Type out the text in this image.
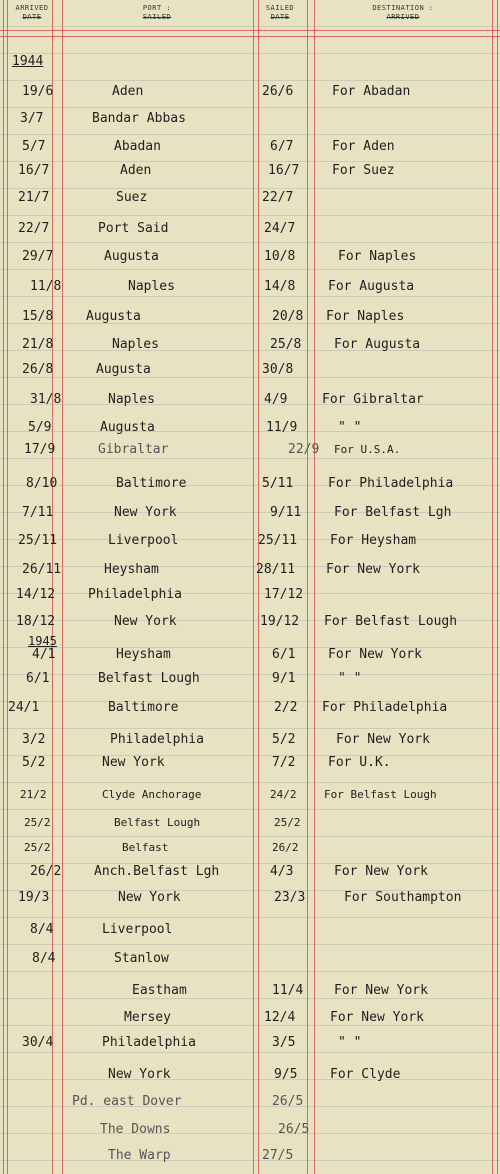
ARRIVED
DATE
PORT :
SAILED
SAILED
DATE
DESTINATION :
ARRIVED
1944
1945
19/6	Aden	26/6	For Abadan
3/7	Bandar Abbas
5/7	Abadan	6/7	For Aden
16/7	Aden	16/7	For Suez
21/7	Suez	22/7
22/7	Port Said	24/7
29/7	Augusta	10/8	For Naples
11/8	Naples	14/8	For Augusta
15/8	Augusta	20/8 For Naples
21/8	Naples	25/8	For Augusta
26/8	Augusta	30/8
31/8	Naples	4/9	For Gibraltar
5/9	Augusta	11/9	" "
17/9	Gibraltar	22/9 For U.S.A.
8/10	Baltimore	5/11	For Philadelphia
7/11	New York	9/11	For Belfast Lgh
25/11	Liverpool	25/11	For Heysham
26/11	Heysham	28/11 For New York
14/12	Philadelphia	17/12
18/12	New York	19/12 For Belfast Lough
4/1	Heysham	6/1	For New York
6/1	Belfast Lough	9/1	" "
24/1	Baltimore	2/2 For Philadelphia
3/2	Philadelphia	5/2	For New York
5/2	New York	7/2	For U.K.
21/2	Clyde Anchorage	24/2	For Belfast Lough
25/2	Belfast Lough	25/2
25/2	Belfast	26/2
26/2	Anch.Belfast Lgh	4/3	For New York
19/3	New York	23/3	For Southampton
8/4	Liverpool
8/4	Stanlow
Eastham	11/4 For New York
Mersey	12/4	For New York
30/4	Philadelphia	3/5	" "
New York	9/5	For Clyde
Pd. east Dover	26/5
The Downs	26/5
The Warp	27/5
